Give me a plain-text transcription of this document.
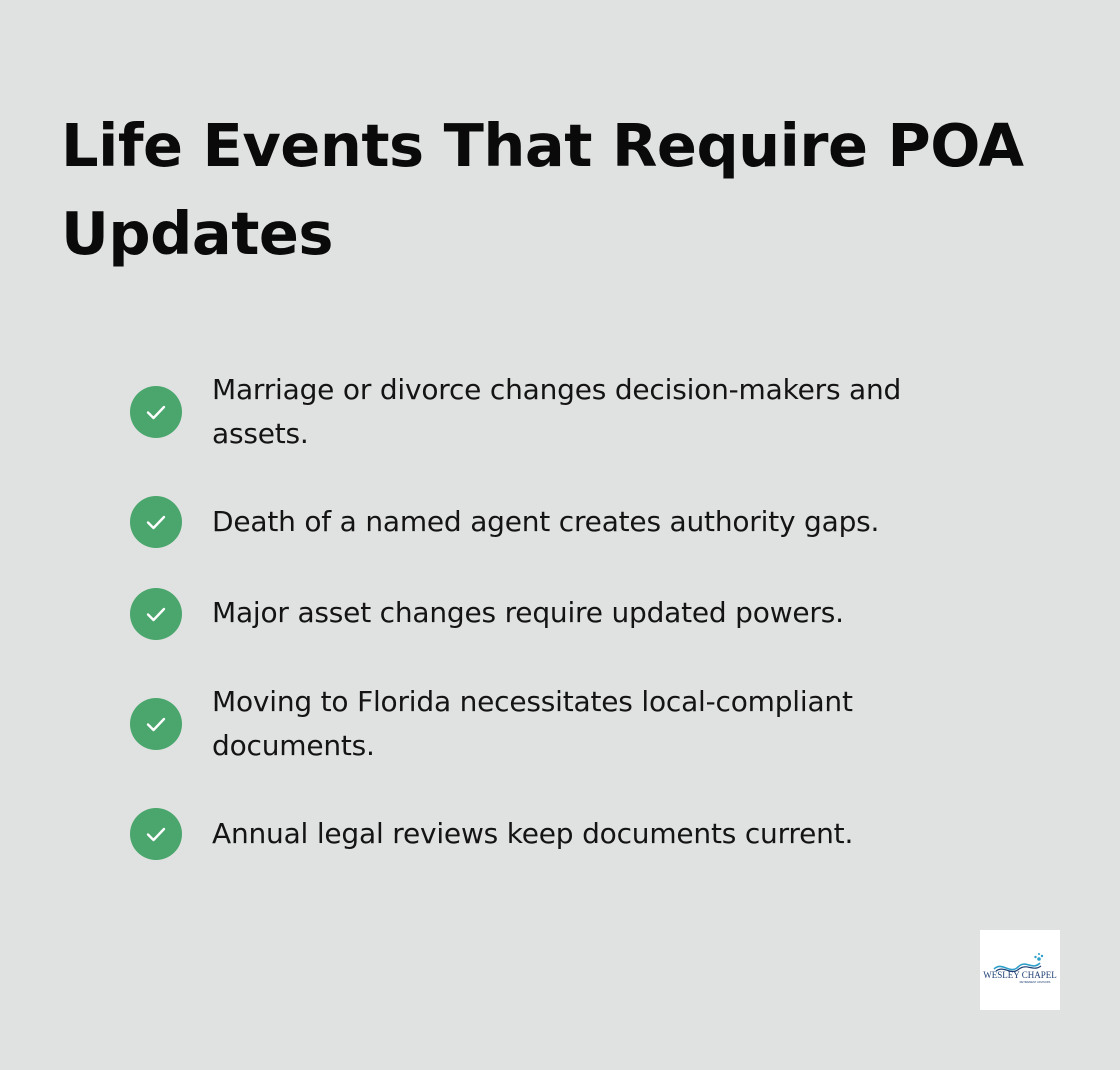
Life Events That Require POA Updates
Marriage or divorce changes decision-makers and assets.
Death of a named agent creates authority gaps.
Major asset changes require updated powers.
Moving to Florida necessitates local-compliant documents.
Annual legal reviews keep documents current.
WESLEY CHAPEL
RETIREMENT ADVISORS
